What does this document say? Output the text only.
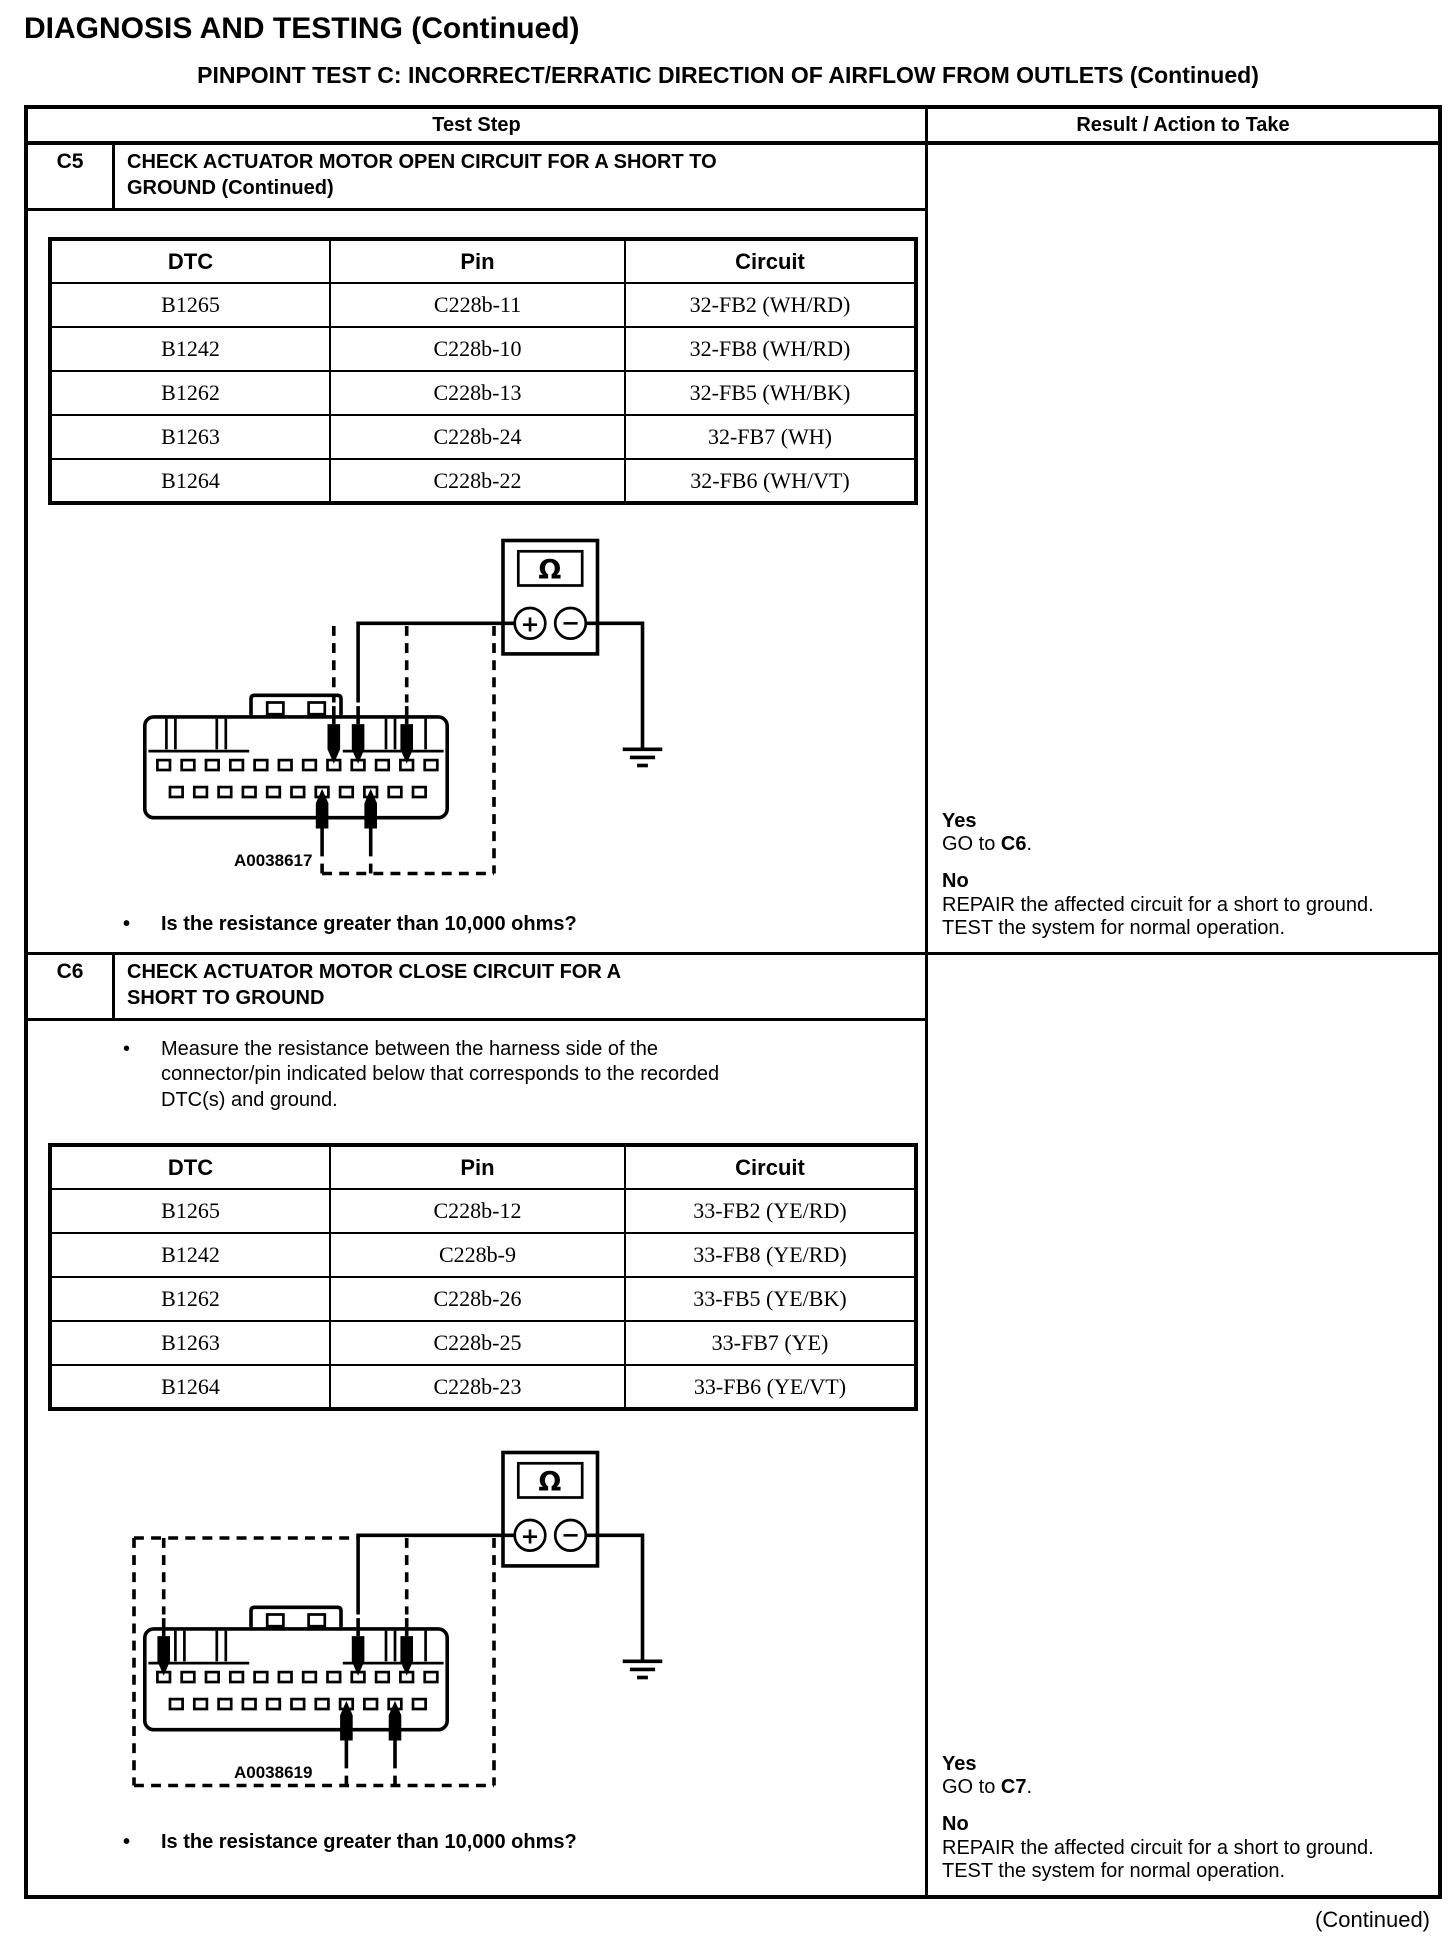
DIAGNOSIS AND TESTING (Continued)
PINPOINT TEST C: INCORRECT/ERRATIC DIRECTION OF AIRFLOW FROM OUTLETS (Continued)
Test Step	Result / Action to Take
C5	CHECK ACTUATOR MOTOR OPEN CIRCUIT FOR A SHORT TO GROUND (Continued)
DTC	Pin	Circuit
B1265	C228b-11	32-FB2 (WH/RD)
B1242	C228b-10	32-FB8 (WH/RD)
B1262	C228b-13	32-FB5 (WH/BK)
B1263	C228b-24	32-FB7 (WH)
B1264	C228b-22	32-FB6 (WH/VT)
Ω
+ −
A0038617
•	Is the resistance greater than 10,000 ohms?
Yes
GO to C6.
No
REPAIR the affected circuit for a short to ground. TEST the system for normal operation.
C6	CHECK ACTUATOR MOTOR CLOSE CIRCUIT FOR A SHORT TO GROUND
•	Measure the resistance between the harness side of the connector/pin indicated below that corresponds to the recorded DTC(s) and ground.
DTC	Pin	Circuit
B1265	C228b-12	33-FB2 (YE/RD)
B1242	C228b-9	33-FB8 (YE/RD)
B1262	C228b-26	33-FB5 (YE/BK)
B1263	C228b-25	33-FB7 (YE)
B1264	C228b-23	33-FB6 (YE/VT)
Ω
+ −
A0038619
•	Is the resistance greater than 10,000 ohms?
Yes
GO to C7.
No
REPAIR the affected circuit for a short to ground. TEST the system for normal operation.
(Continued)
